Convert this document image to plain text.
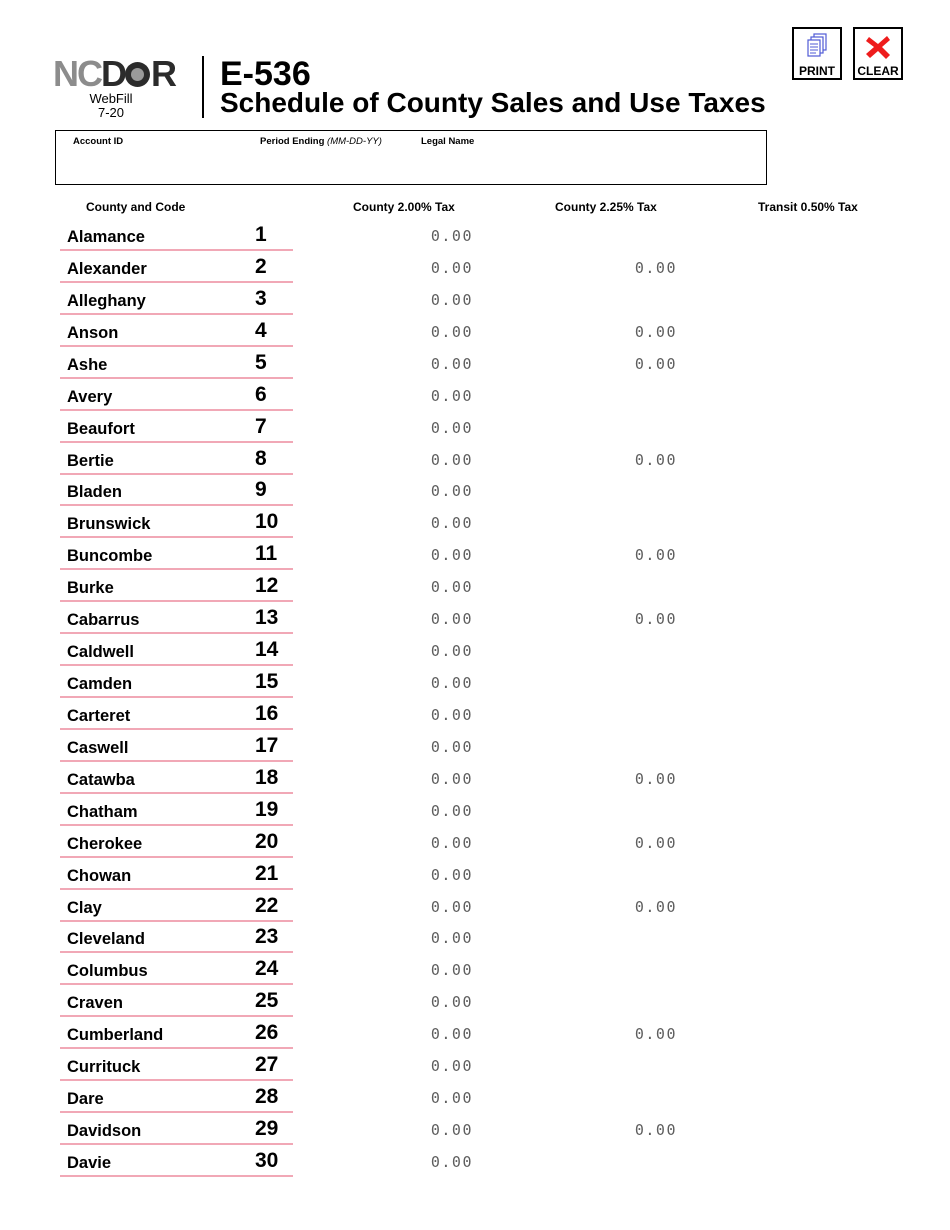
NCD R
WebFill
7-20
E-536
Schedule of County Sales and Use Taxes
PRINT	CLEAR
Account ID	Period Ending (MM-DD-YY)	Legal Name
County and Code	County 2.00% Tax	County 2.25% Tax	Transit 0.50% Tax
Alamance	1	0.00
Alexander	2	0.00	0.00
Alleghany	3	0.00
Anson	4	0.00	0.00
Ashe	5	0.00	0.00
Avery	6	0.00
Beaufort	7	0.00
Bertie	8	0.00	0.00
Bladen	9	0.00
Brunswick	10	0.00
Buncombe	11	0.00	0.00
Burke	12	0.00
Cabarrus	13	0.00	0.00
Caldwell	14	0.00
Camden	15	0.00
Carteret	16	0.00
Caswell	17	0.00
Catawba	18	0.00	0.00
Chatham	19	0.00
Cherokee	20	0.00	0.00
Chowan	21	0.00
Clay	22	0.00	0.00
Cleveland	23	0.00
Columbus	24	0.00
Craven	25	0.00
Cumberland	26	0.00	0.00
Currituck	27	0.00
Dare	28	0.00
Davidson	29	0.00	0.00
Davie	30	0.00
